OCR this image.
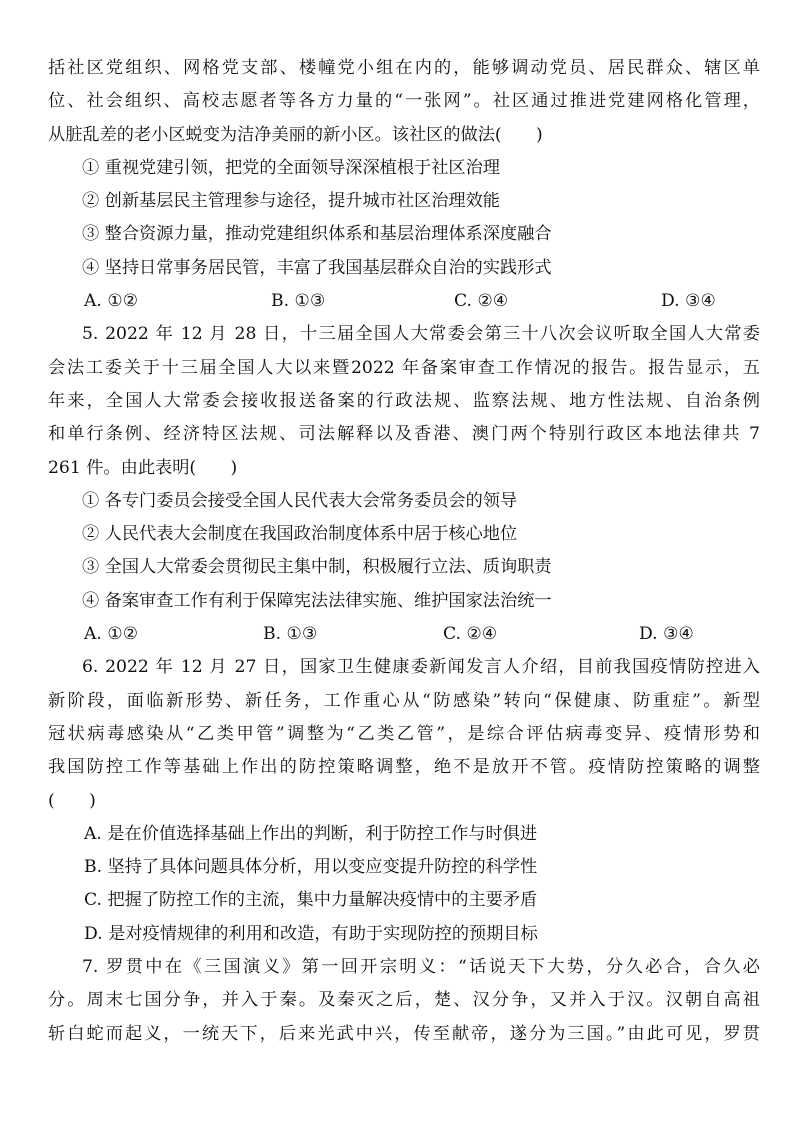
括社区党组织、网格党支部、楼幢党小组在内的，能够调动党员、居民群众、辖区单
位、社会组织、高校志愿者等各方力量的“一张网”。社区通过推进党建网格化管理，
从脏乱差的老小区蜕变为洁净美丽的新小区。该社区的做法(　　)
① 重视党建引领，把党的全面领导深深植根于社区治理
② 创新基层民主管理参与途径，提升城市社区治理效能
③ 整合资源力量，推动党建组织体系和基层治理体系深度融合
④ 坚持日常事务居民管，丰富了我国基层群众自治的实践形式
A. ①②	B. ①③	C. ②④	D. ③④
5. 2022 年 12 月 28 日，十三届全国人大常委会第三十八次会议听取全国人大常委
会法工委关于十三届全国人大以来暨2022 年备案审查工作情况的报告。报告显示，五
年来，全国人大常委会接收报送备案的行政法规、监察法规、地方性法规、自治条例
和单行条例、经济特区法规、司法解释以及香港、澳门两个特别行政区本地法律共 7
261 件。由此表明(　　)
① 各专门委员会接受全国人民代表大会常务委员会的领导
② 人民代表大会制度在我国政治制度体系中居于核心地位
③ 全国人大常委会贯彻民主集中制，积极履行立法、质询职责
④ 备案审查工作有利于保障宪法法律实施、维护国家法治统一
A. ①②	B. ①③	C. ②④	D. ③④
6. 2022 年 12 月 27 日，国家卫生健康委新闻发言人介绍，目前我国疫情防控进入
新阶段，面临新形势、新任务，工作重心从“防感染”转向“保健康、防重症”。新型
冠状病毒感染从“乙类甲管”调整为“乙类乙管”，是综合评估病毒变异、疫情形势和
我国防控工作等基础上作出的防控策略调整，绝不是放开不管。疫情防控策略的调整
(　　)
A. 是在价值选择基础上作出的判断，利于防控工作与时俱进
B. 坚持了具体问题具体分析，用以变应变提升防控的科学性
C. 把握了防控工作的主流，集中力量解决疫情中的主要矛盾
D. 是对疫情规律的利用和改造，有助于实现防控的预期目标
7. 罗贯中在《三国演义》第一回开宗明义：“话说天下大势，分久必合，合久必
分。周末七国分争，并入于秦。及秦灭之后，楚、汉分争，又并入于汉。汉朝自高祖
斩白蛇而起义，一统天下，后来光武中兴，传至献帝，遂分为三国。”由此可见，罗贯
